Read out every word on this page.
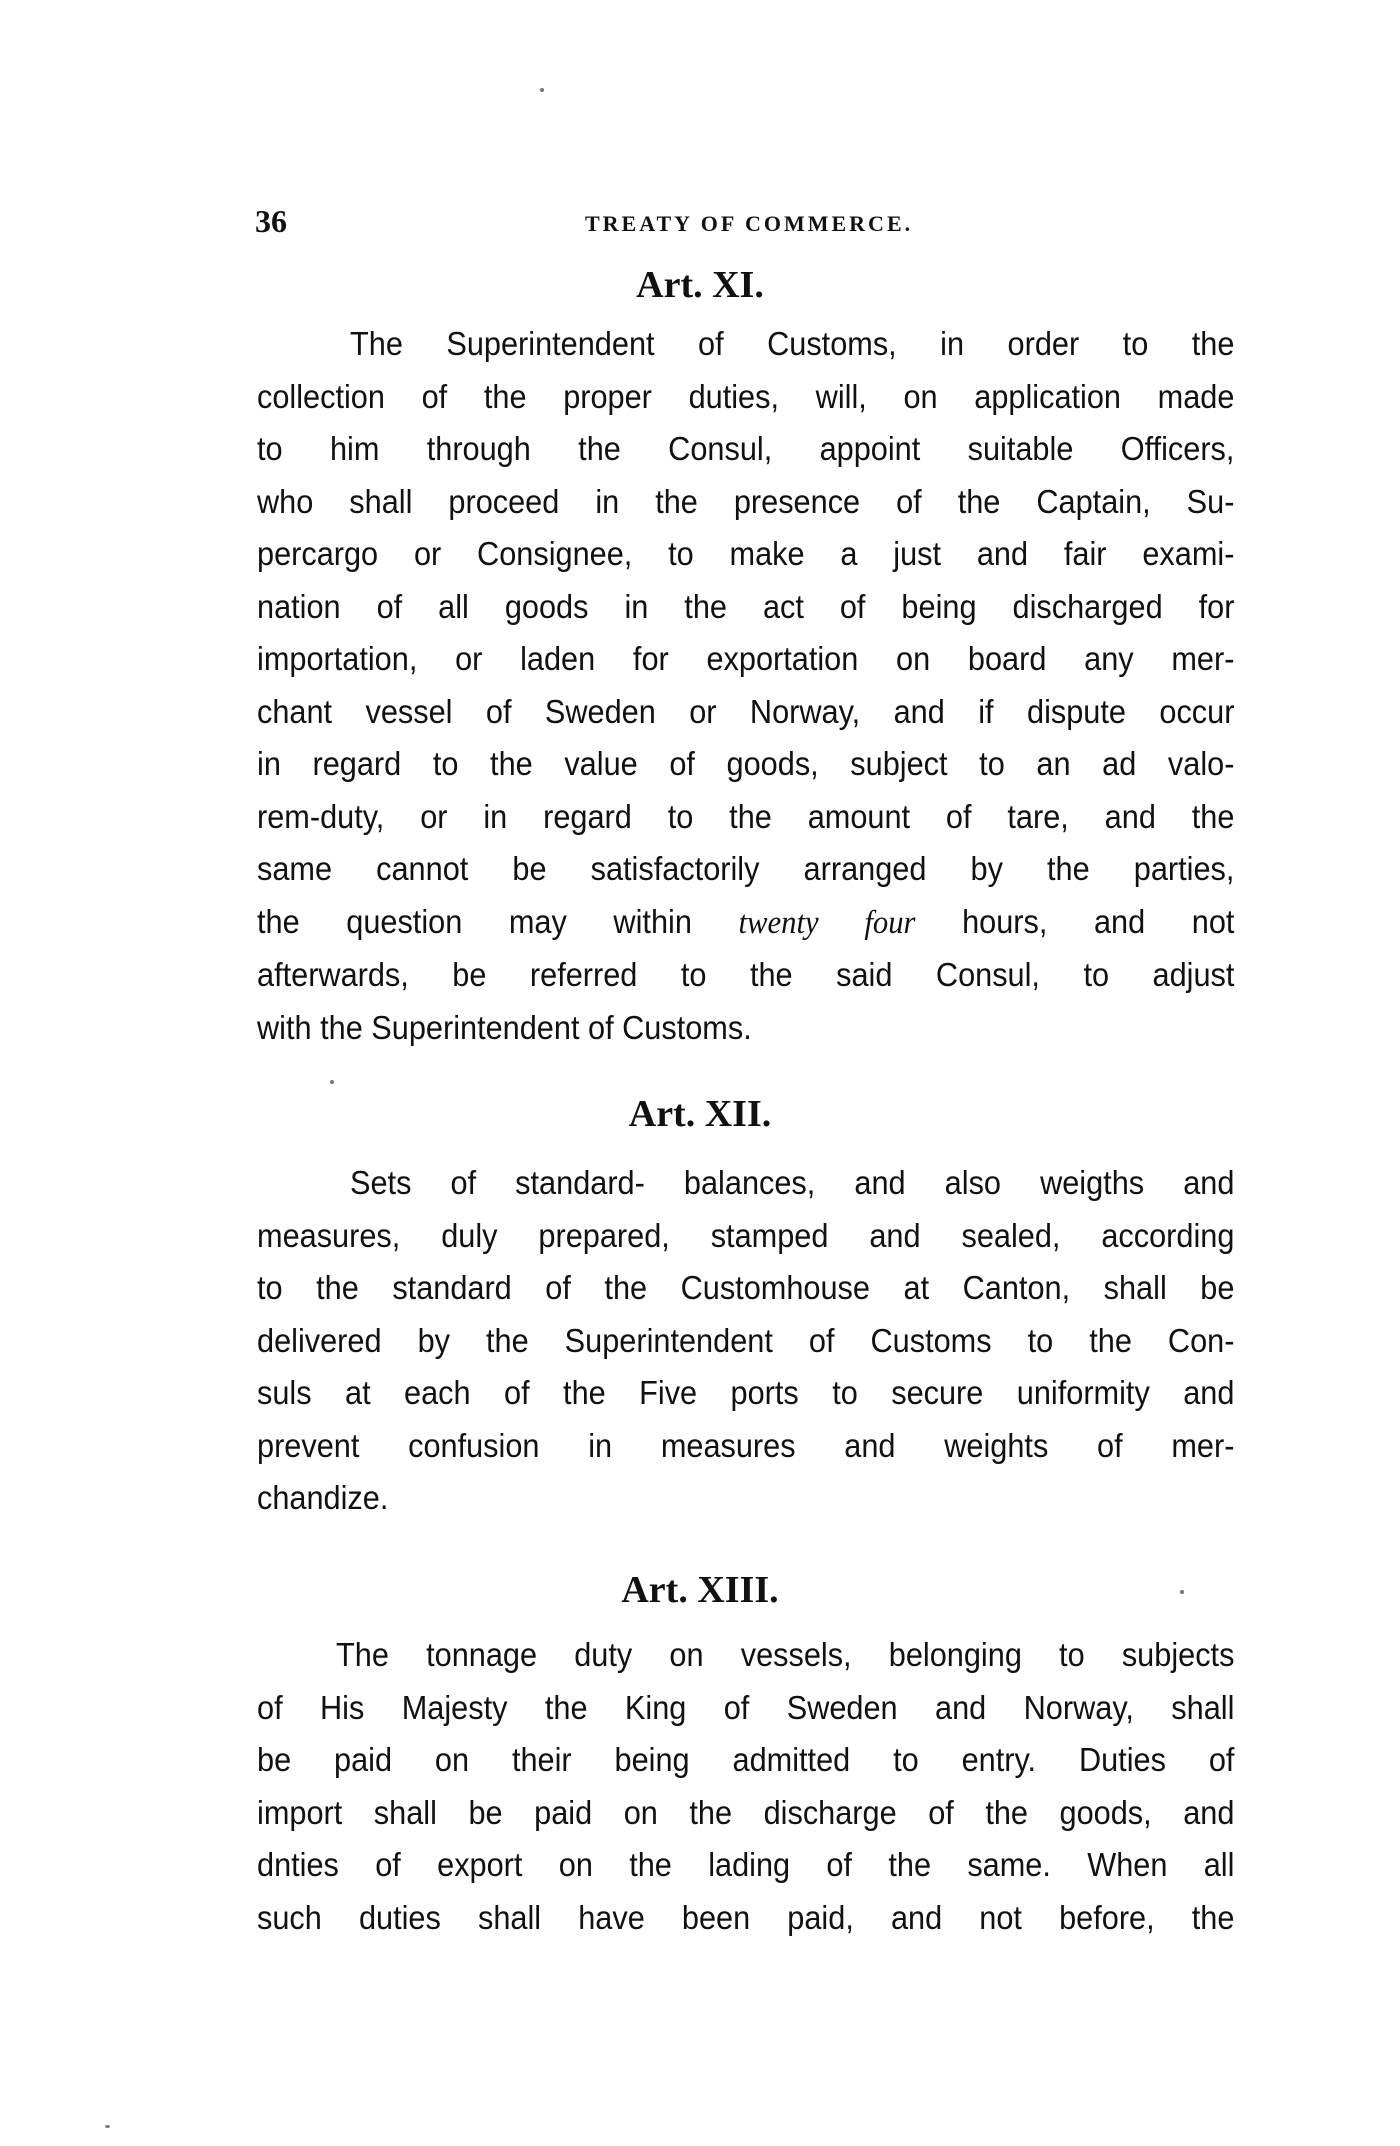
36	TREATY OF COMMERCE.
Art. XI.
The Superintendent of Customs, in order to the
collection of the proper duties, will, on application made
to him through the Consul, appoint suitable Officers,
who shall proceed in the presence of the Captain, Su-
percargo or Consignee, to make a just and fair exami-
nation of all goods in the act of being discharged for
importation, or laden for exportation on board any mer-
chant vessel of Sweden or Norway, and if dispute occur
in regard to the value of goods, subject to an ad valo-
rem-duty, or in regard to the amount of tare, and the
same cannot be satisfactorily arranged by the parties,
the question may within twenty four hours, and not
afterwards, be referred to the said Consul, to adjust
with the Superintendent of Customs.
Art. XII.
Sets of standard- balances, and also weigths and
measures, duly prepared, stamped and sealed, according
to the standard of the Customhouse at Canton, shall be
delivered by the Superintendent of Customs to the Con-
suls at each of the Five ports to secure uniformity and
prevent confusion in measures and weights of mer-
chandize.
Art. XIII.
The tonnage duty on vessels, belonging to subjects
of His Majesty the King of Sweden and Norway, shall
be paid on their being admitted to entry. Duties of
import shall be paid on the discharge of the goods, and
dnties of export on the lading of the same. When all
such duties shall have been paid, and not before, the
